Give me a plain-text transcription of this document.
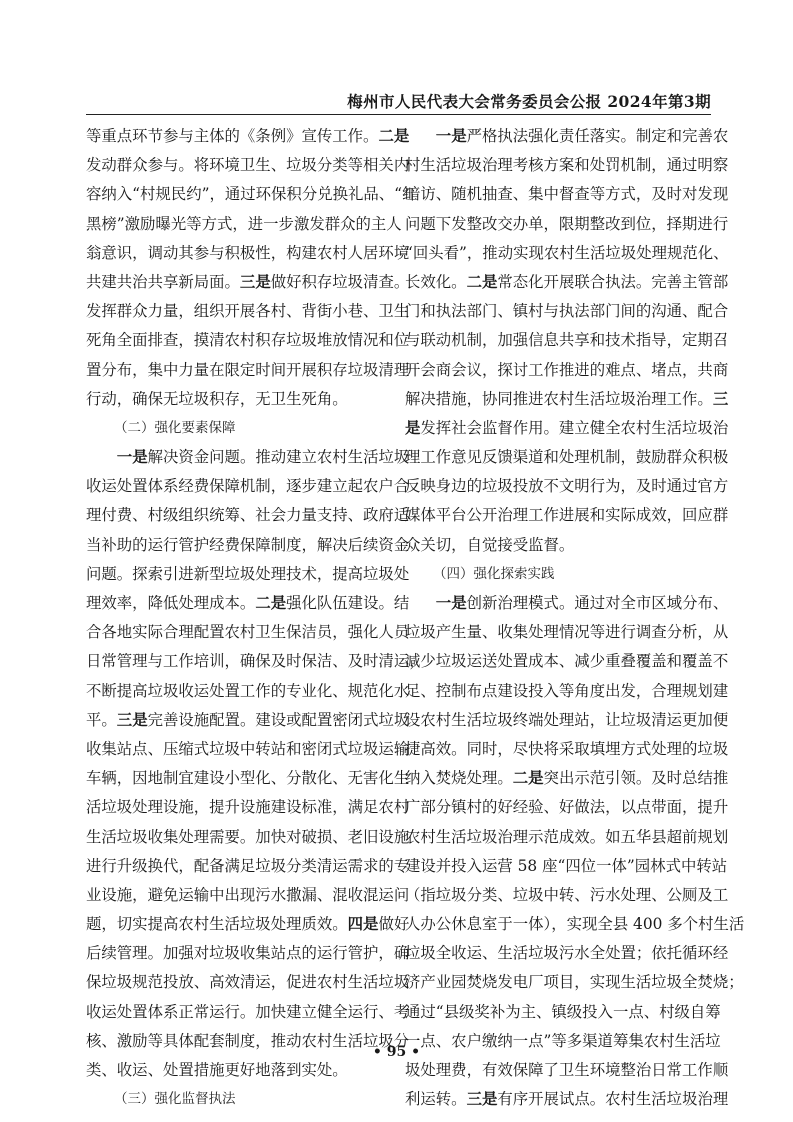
梅州市人民代表大会常务委员会公报 2024年第3期
等重点环节参与主体的《条例》宣传工作。二是
发动群众参与。将环境卫生、垃圾分类等相关内
容纳入“村规民约”，通过环保积分兑换礼品、“红
黑榜”激励曝光等方式，进一步激发群众的主人
翁意识，调动其参与积极性，构建农村人居环境
共建共治共享新局面。三是做好积存垃圾清查。
发挥群众力量，组织开展各村、背街小巷、卫生
死角全面排查，摸清农村积存垃圾堆放情况和位
置分布，集中力量在限定时间开展积存垃圾清理
行动，确保无垃圾积存，无卫生死角。
（二）强化要素保障
　　一是解决资金问题。推动建立农村生活垃圾
收运处置体系经费保障机制，逐步建立起农户合
理付费、村级组织统筹、社会力量支持、政府适
当补助的运行管护经费保障制度，解决后续资金
问题。探索引进新型垃圾处理技术，提高垃圾处
理效率，降低处理成本。二是强化队伍建设。结
合各地实际合理配置农村卫生保洁员，强化人员
日常管理与工作培训，确保及时保洁、及时清运，
不断提高垃圾收运处置工作的专业化、规范化水
平。三是完善设施配置。建设或配置密闭式垃圾
收集站点、压缩式垃圾中转站和密闭式垃圾运输
车辆，因地制宜建设小型化、分散化、无害化生
活垃圾处理设施，提升设施建设标准，满足农村
生活垃圾收集处理需要。加快对破损、老旧设施
进行升级换代，配备满足垃圾分类清运需求的专
业设施，避免运输中出现污水撒漏、混收混运问
题，切实提高农村生活垃圾处理质效。四是做好
后续管理。加强对垃圾收集站点的运行管护，确
保垃圾规范投放、高效清运，促进农村生活垃圾
收运处置体系正常运行。加快建立健全运行、考
核、激励等具体配套制度，推动农村生活垃圾分
类、收运、处置措施更好地落到实处。
（三）强化监督执法
　　一是严格执法强化责任落实。制定和完善农
村生活垃圾治理考核方案和处罚机制，通过明察
暗访、随机抽查、集中督查等方式，及时对发现
问题下发整改交办单，限期整改到位，择期进行
“回头看”，推动实现农村生活垃圾处理规范化、
长效化。二是常态化开展联合执法。完善主管部
门和执法部门、镇村与执法部门间的沟通、配合
与联动机制，加强信息共享和技术指导，定期召
开会商会议，探讨工作推进的难点、堵点，共商
解决措施，协同推进农村生活垃圾治理工作。三
是发挥社会监督作用。建立健全农村生活垃圾治
理工作意见反馈渠道和处理机制，鼓励群众积极
反映身边的垃圾投放不文明行为，及时通过官方
媒体平台公开治理工作进展和实际成效，回应群
众关切，自觉接受监督。
（四）强化探索实践
　　一是创新治理模式。通过对全市区域分布、
垃圾产生量、收集处理情况等进行调查分析，从
减少垃圾运送处置成本、减少重叠覆盖和覆盖不
足、控制布点建设投入等角度出发，合理规划建
设农村生活垃圾终端处理站，让垃圾清运更加便
捷高效。同时，尽快将采取填埋方式处理的垃圾
纳入焚烧处理。二是突出示范引领。及时总结推
广部分镇村的好经验、好做法，以点带面，提升
农村生活垃圾治理示范成效。如五华县超前规划
建设并投入运营 58 座“四位一体”园林式中转站
（指垃圾分类、垃圾中转、污水处理、公厕及工
人办公休息室于一体），实现全县 400 多个村生活
垃圾全收运、生活垃圾污水全处置；依托循环经
济产业园焚烧发电厂项目，实现生活垃圾全焚烧；
通过“县级奖补为主、镇级投入一点、村级自筹
一点、农户缴纳一点”等多渠道筹集农村生活垃
圾处理费，有效保障了卫生环境整治日常工作顺
利运转。三是有序开展试点。农村生活垃圾治理
• 95 •
